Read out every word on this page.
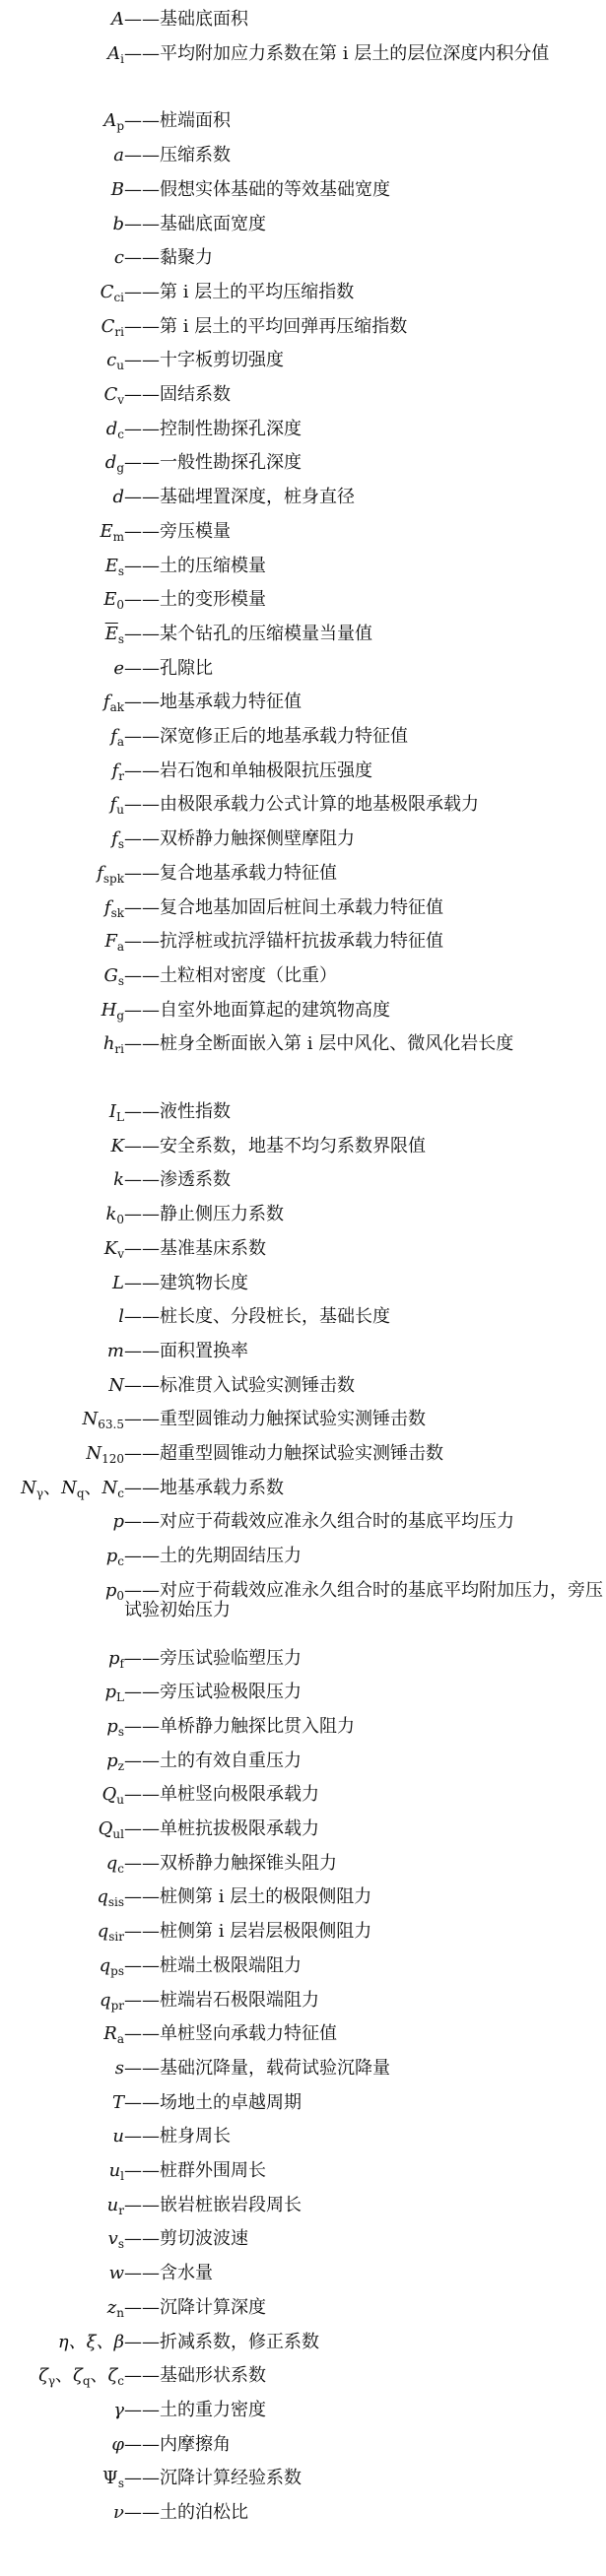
A ——基础底面积
$A_i$ ——平均附加应力系数在第 i 层土的层位深度内积分值
$A_p$ ——桩端面积
a ——压缩系数
B ——假想实体基础的等效基础宽度
b ——基础底面宽度
c ——黏聚力
$C_{ci}$ ——第 i 层土的平均压缩指数
$C_{ri}$ ——第 i 层土的平均回弹再压缩指数
$c_u$ ——十字板剪切强度
$C_v$ ——固结系数
$d_c$ ——控制性勘探孔深度
$d_g$ ——一般性勘探孔深度
d ——基础埋置深度，桩身直径
$E_m$ ——旁压模量
$E_s$ ——土的压缩模量
$E_0$ ——土的变形模量
$\overline{E}_s$ ——某个钻孔的压缩模量当量值
e ——孔隙比
$f_{ak}$ ——地基承载力特征值
$f_a$ ——深宽修正后的地基承载力特征值
$f_r$ ——岩石饱和单轴极限抗压强度
$f_u$ ——由极限承载力公式计算的地基极限承载力
$f_s$ ——双桥静力触探侧壁摩阻力
$f_{spk}$ ——复合地基承载力特征值
$f_{sk}$ ——复合地基加固后桩间土承载力特征值
$F_a$ ——抗浮桩或抗浮锚杆抗拔承载力特征值
$G_s$ ——土粒相对密度（比重）
$H_g$ ——自室外地面算起的建筑物高度
$h_{ri}$ ——桩身全断面嵌入第 i 层中风化、微风化岩长度
$I_L$ ——液性指数
K ——安全系数，地基不均匀系数界限值
k ——渗透系数
$k_0$ ——静止侧压力系数
$K_v$ ——基准基床系数
L ——建筑物长度
l ——桩长度、分段桩长，基础长度
m ——面积置换率
N ——标准贯入试验实测锤击数
$N_{63.5}$ ——重型圆锥动力触探试验实测锤击数
$N_{120}$ ——超重型圆锥动力触探试验实测锤击数
$N_\gamma$、$N_q$、$N_c$ ——地基承载力系数
p ——对应于荷载效应准永久组合时的基底平均压力
$p_c$ ——土的先期固结压力
$p_0$ ——对应于荷载效应准永久组合时的基底平均附加压力，旁压试验初始压力
$p_f$ ——旁压试验临塑压力
$p_L$ ——旁压试验极限压力
$p_s$ ——单桥静力触探比贯入阻力
$p_z$ ——土的有效自重压力
$Q_u$ ——单桩竖向极限承载力
$Q_{ul}$ ——单桩抗拔极限承载力
$q_c$ ——双桥静力触探锥头阻力
$q_{sis}$ ——桩侧第 i 层土的极限侧阻力
$q_{sir}$ ——桩侧第 i 层岩层极限侧阻力
$q_{ps}$ ——桩端土极限端阻力
$q_{pr}$ ——桩端岩石极限端阻力
$R_a$ ——单桩竖向承载力特征值
s ——基础沉降量，载荷试验沉降量
T ——场地土的卓越周期
u ——桩身周长
$u_l$ ——桩群外围周长
$u_r$ ——嵌岩桩嵌岩段周长
$v_s$ ——剪切波波速
w ——含水量
$z_n$ ——沉降计算深度
η、ξ、β ——折减系数，修正系数
$\zeta_\gamma$、$\zeta_q$、$\zeta_c$ ——基础形状系数
γ ——土的重力密度
φ ——内摩擦角
$\Psi_s$ ——沉降计算经验系数
ν ——土的泊松比
